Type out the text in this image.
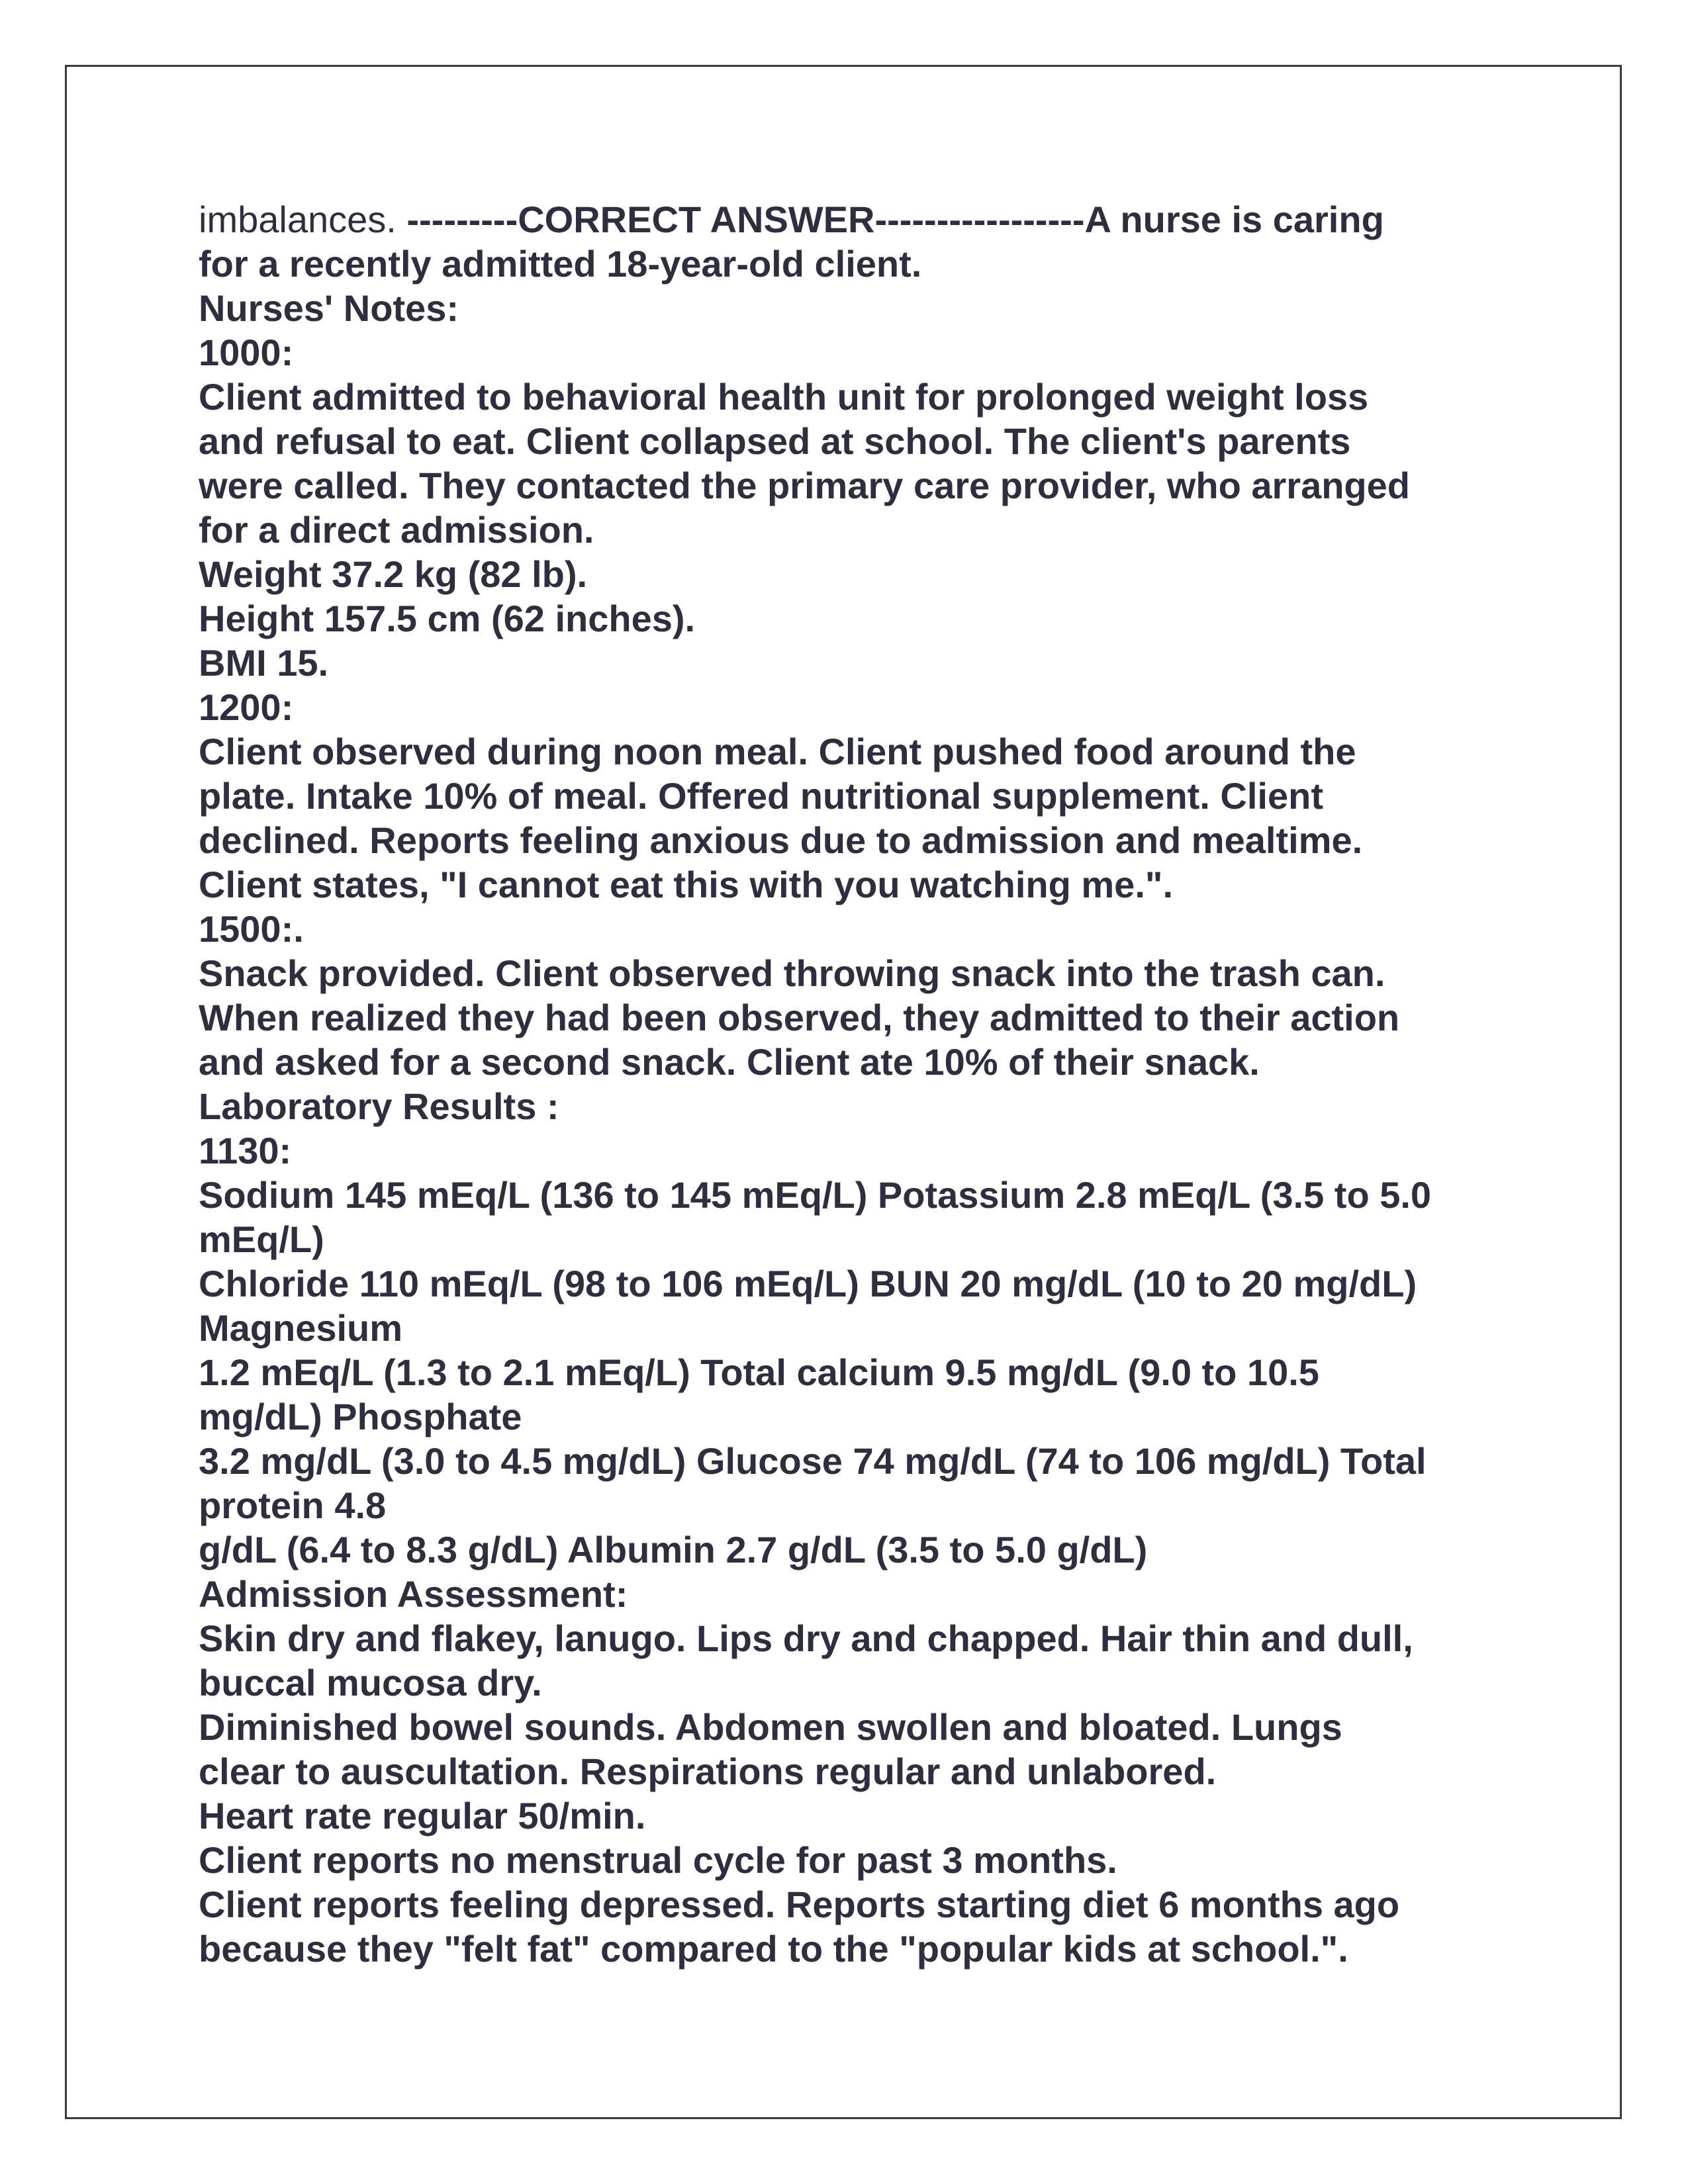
imbalances. ---------CORRECT ANSWER-----------------A nurse is caring

for a recently admitted 18-year-old client.

Nurses' Notes:

1000:

Client admitted to behavioral health unit for prolonged weight loss

and refusal to eat. Client collapsed at school. The client's parents

were called. They contacted the primary care provider, who arranged

for a direct admission.

Weight 37.2 kg (82 lb).

Height 157.5 cm (62 inches).

BMI 15.

1200:

Client observed during noon meal. Client pushed food around the

plate. Intake 10% of meal. Offered nutritional supplement. Client

declined. Reports feeling anxious due to admission and mealtime.

Client states, "I cannot eat this with you watching me.".

1500:.

Snack provided. Client observed throwing snack into the trash can.

When realized they had been observed, they admitted to their action

and asked for a second snack. Client ate 10% of their snack.

Laboratory Results :

1130:

Sodium 145 mEq/L (136 to 145 mEq/L) Potassium 2.8 mEq/L (3.5 to 5.0

mEq/L)

Chloride 110 mEq/L (98 to 106 mEq/L) BUN 20 mg/dL (10 to 20 mg/dL)

Magnesium

1.2 mEq/L (1.3 to 2.1 mEq/L) Total calcium 9.5 mg/dL (9.0 to 10.5

mg/dL) Phosphate

3.2 mg/dL (3.0 to 4.5 mg/dL) Glucose 74 mg/dL (74 to 106 mg/dL) Total

protein 4.8

g/dL (6.4 to 8.3 g/dL) Albumin 2.7 g/dL (3.5 to 5.0 g/dL)

Admission Assessment:

Skin dry and flakey, lanugo. Lips dry and chapped. Hair thin and dull,

buccal mucosa dry.

Diminished bowel sounds. Abdomen swollen and bloated. Lungs

clear to auscultation. Respirations regular and unlabored.

Heart rate regular 50/min.

Client reports no menstrual cycle for past 3 months.

Client reports feeling depressed. Reports starting diet 6 months ago

because they "felt fat" compared to the "popular kids at school.".
